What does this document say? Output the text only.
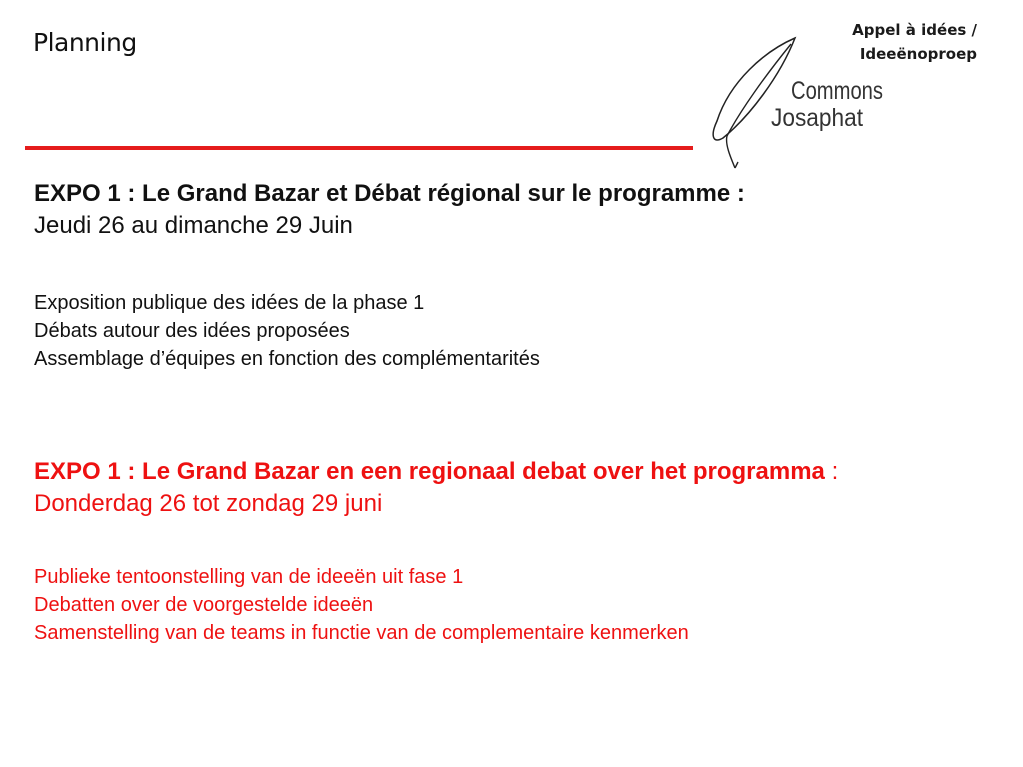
Planning	Appel à idées /
Ideeënoproep
Commons
Josaphat
EXPO 1 : Le Grand Bazar et Débat régional sur le programme :
Jeudi 26 au dimanche 29 Juin
Exposition publique des idées de la phase 1
Débats autour des idées proposées
Assemblage d’équipes en fonction des complémentarités
EXPO 1 : Le Grand Bazar en een regionaal debat over het programma : Donderdag 26 tot zondag 29 juni
Publieke tentoonstelling van de ideeën uit fase 1
Debatten over de voorgestelde ideeën
Samenstelling van de teams in functie van de complementaire kenmerken
